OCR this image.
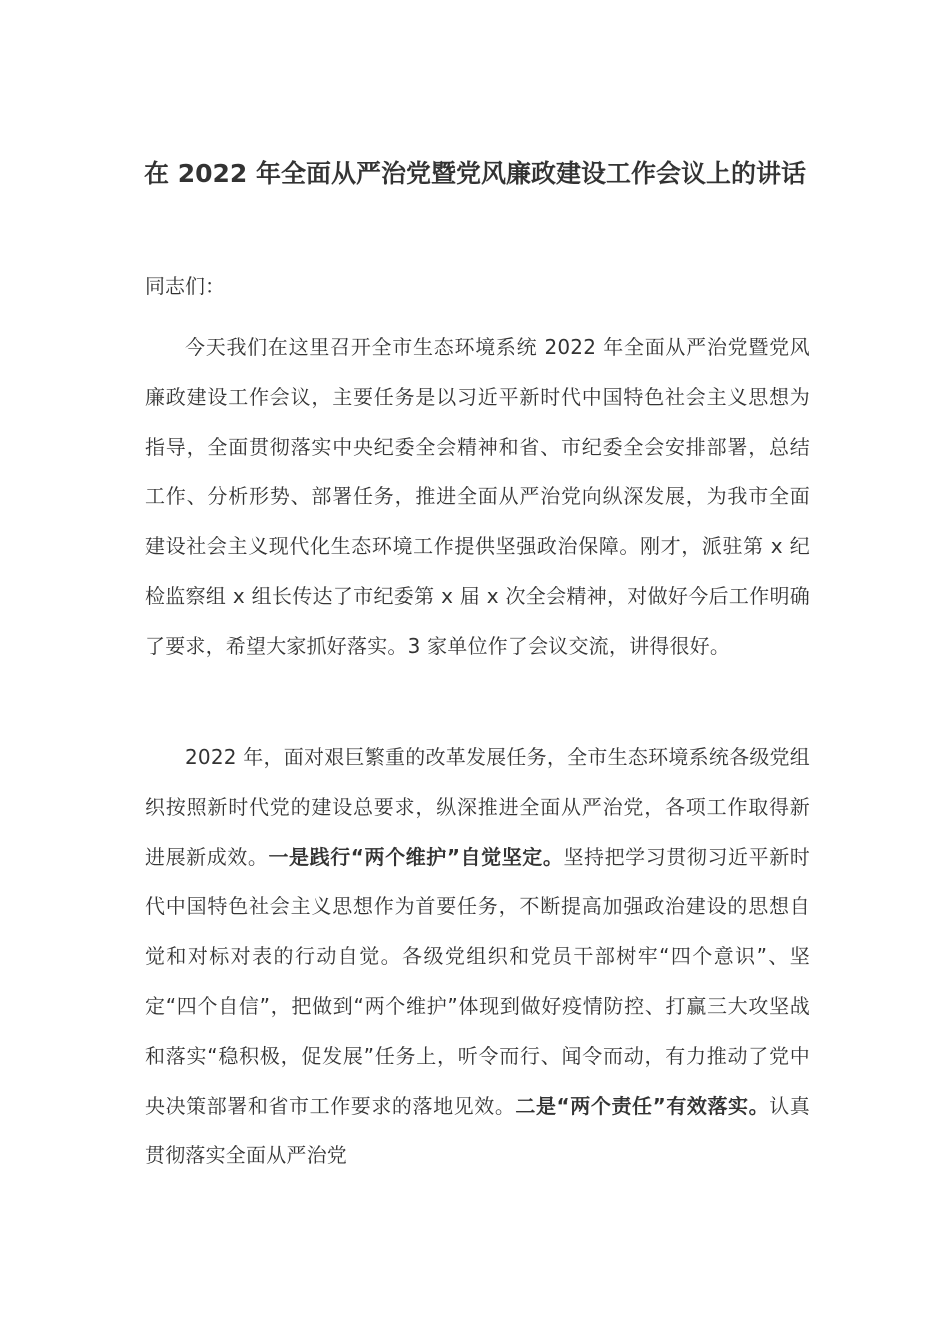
在 2022 年全面从严治党暨党风廉政建设工作会议上的讲话

同志们：

今天我们在这里召开全市生态环境系统 2022 年全面从严治党暨党风廉政建设工作会议，主要任务是以习近平新时代中国特色社会主义思想为指导，全面贯彻落实中央纪委全会精神和省、市纪委全会安排部署，总结工作、分析形势、部署任务，推进全面从严治党向纵深发展，为我市全面建设社会主义现代化生态环境工作提供坚强政治保障。刚才，派驻第 x 纪检监察组 x 组长传达了市纪委第 x 届 x 次全会精神，对做好今后工作明确了要求，希望大家抓好落实。3 家单位作了会议交流，讲得很好。

2022 年，面对艰巨繁重的改革发展任务，全市生态环境系统各级党组织按照新时代党的建设总要求，纵深推进全面从严治党，各项工作取得新进展新成效。一是践行“两个维护”自觉坚定。坚持把学习贯彻习近平新时代中国特色社会主义思想作为首要任务，不断提高加强政治建设的思想自觉和对标对表的行动自觉。各级党组织和党员干部树牢“四个意识”、坚定“四个自信”，把做到“两个维护”体现到做好疫情防控、打赢三大攻坚战和落实“稳积极，促发展”任务上，听令而行、闻令而动，有力推动了党中央决策部署和省市工作要求的落地见效。二是“两个责任”有效落实。认真贯彻落实全面从严治党
